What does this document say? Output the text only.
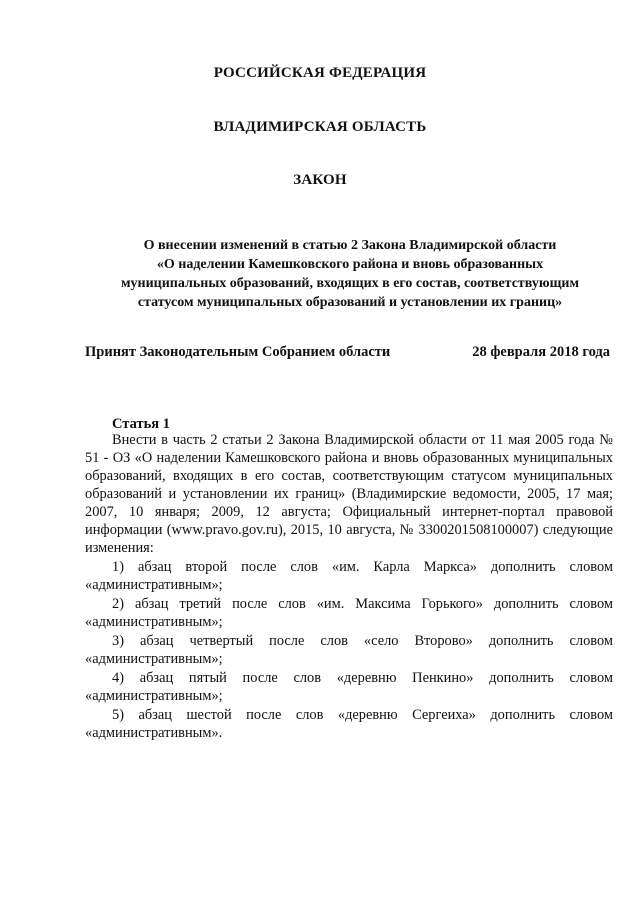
РОССИЙСКАЯ ФЕДЕРАЦИЯ
ВЛАДИМИРСКАЯ ОБЛАСТЬ
ЗАКОН
О внесении изменений в статью 2 Закона Владимирской области
«О наделении Камешковского района и вновь образованных
муниципальных образований, входящих в его состав, соответствующим
статусом муниципальных образований и установлении их границ»
Принят Законодательным Собранием области	28 февраля 2018 года
Статья 1

Внести в часть 2 статьи 2 Закона Владимирской области от 11 мая 2005 года № 51 - ОЗ «О наделении Камешковского района и вновь образованных муниципальных образований, входящих в его состав, соответствующим статусом муниципальных образований и установлении их границ» (Владимирские ведомости, 2005, 17 мая; 2007, 10 января; 2009, 12 августа; Официальный интернет-портал правовой информации (www.pravo.gov.ru), 2015, 10 августа, № 3300201508100007) следующие изменения:

1) абзац второй после слов «им. Карла Маркса» дополнить словом «административным»;

2) абзац третий после слов «им. Максима Горького» дополнить словом «административным»;

3) абзац четвертый после слов «село Второво» дополнить словом «административным»;

4) абзац пятый после слов «деревню Пенкино» дополнить словом «административным»;

5) абзац шестой после слов «деревню Сергеиха» дополнить словом «административным».
